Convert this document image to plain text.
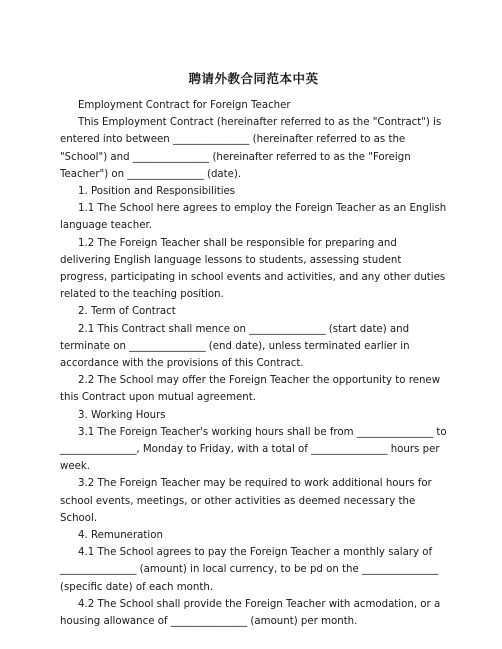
聘请外教合同范本中英

Employment Contract for Foreign Teacher

This Employment Contract (hereinafter referred to as the "Contract") is entered into between _______________ (hereinafter referred to as the "School") and _______________ (hereinafter referred to as the "Foreign Teacher") on _______________ (date).

1. Position and Responsibilities

1.1 The School here agrees to employ the Foreign Teacher as an English language teacher.

1.2 The Foreign Teacher shall be responsible for preparing and delivering English language lessons to students, assessing student progress, participating in school events and activities, and any other duties related to the teaching position.

2. Term of Contract

2.1 This Contract shall mence on _______________ (start date) and terminate on _______________ (end date), unless terminated earlier in accordance with the provisions of this Contract.

2.2 The School may offer the Foreign Teacher the opportunity to renew this Contract upon mutual agreement.

3. Working Hours

3.1 The Foreign Teacher's working hours shall be from _______________ to _______________, Monday to Friday, with a total of _______________ hours per week.

3.2 The Foreign Teacher may be required to work additional hours for school events, meetings, or other activities as deemed necessary the School.

4. Remuneration

4.1 The School agrees to pay the Foreign Teacher a monthly salary of _______________ (amount) in local currency, to be pd on the _______________ (specific date) of each month.

4.2 The School shall provide the Foreign Teacher with acmodation, or a housing allowance of _______________ (amount) per month.
